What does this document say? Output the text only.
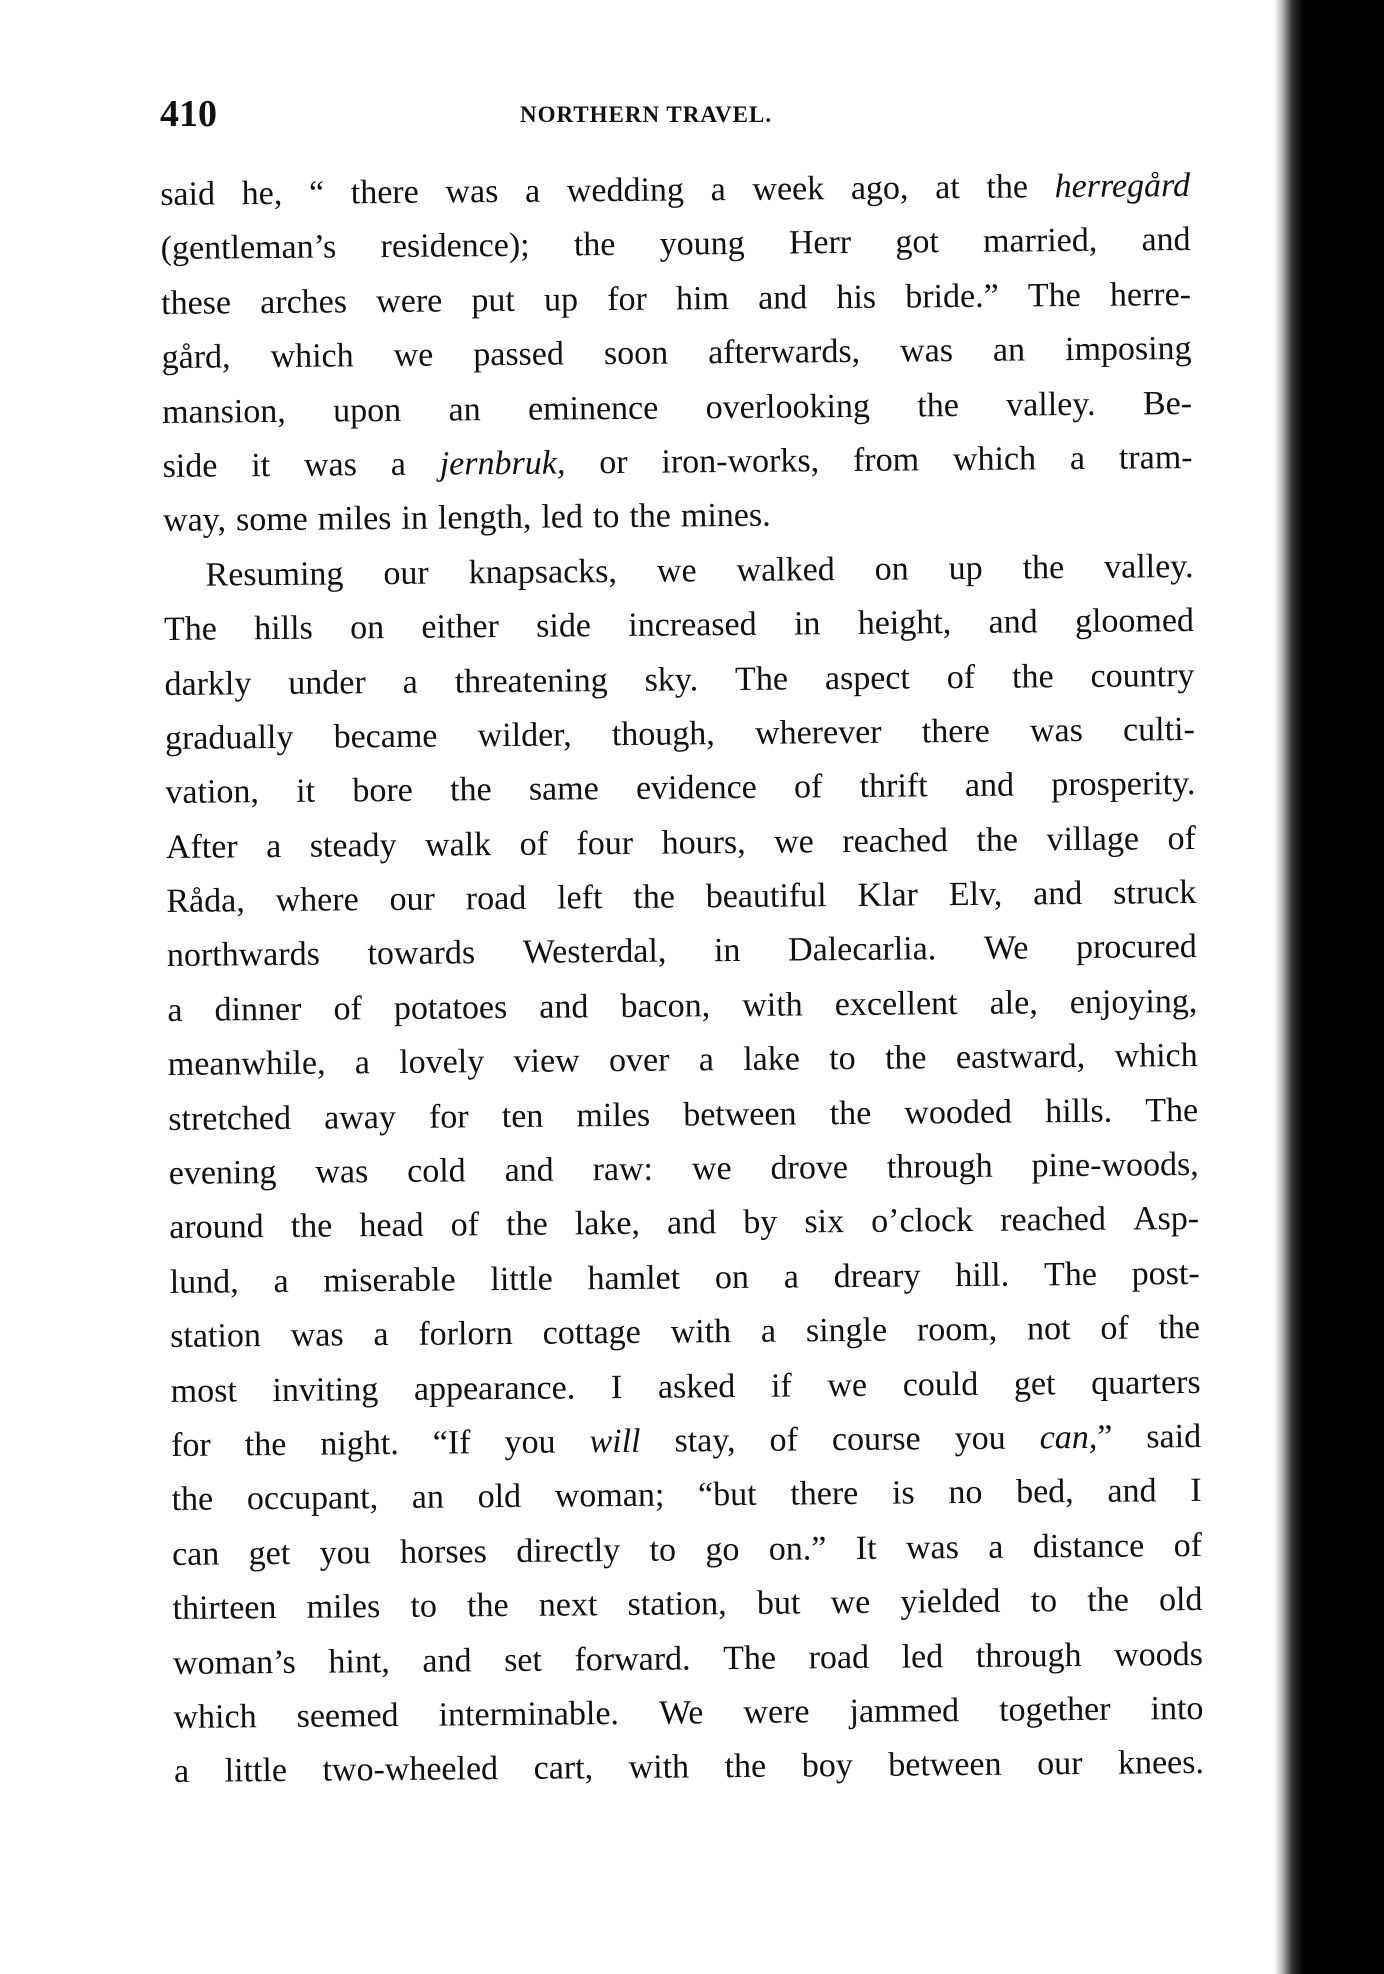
410	NORTHERN TRAVEL.
said he, “ there was a wedding a week ago, at the herregård
(gentleman’s residence); the young Herr got married, and
these arches were put up for him and his bride.” The herre-
gård, which we passed soon afterwards, was an imposing
mansion, upon an eminence overlooking the valley. Be-
side it was a jernbruk, or iron-works, from which a tram-
way, some miles in length, led to the mines.
Resuming our knapsacks, we walked on up the valley.
The hills on either side increased in height, and gloomed
darkly under a threatening sky. The aspect of the country
gradually became wilder, though, wherever there was culti-
vation, it bore the same evidence of thrift and prosperity.
After a steady walk of four hours, we reached the village of
Råda, where our road left the beautiful Klar Elv, and struck
northwards towards Westerdal, in Dalecarlia. We procured
a dinner of potatoes and bacon, with excellent ale, enjoying,
meanwhile, a lovely view over a lake to the eastward, which
stretched away for ten miles between the wooded hills. The
evening was cold and raw: we drove through pine-woods,
around the head of the lake, and by six o’clock reached Asp-
lund, a miserable little hamlet on a dreary hill. The post-
station was a forlorn cottage with a single room, not of the
most inviting appearance. I asked if we could get quarters
for the night. “If you will stay, of course you can,” said
the occupant, an old woman; “but there is no bed, and I
can get you horses directly to go on.” It was a distance of
thirteen miles to the next station, but we yielded to the old
woman’s hint, and set forward. The road led through woods
which seemed interminable. We were jammed together into
a little two-wheeled cart, with the boy between our knees.
